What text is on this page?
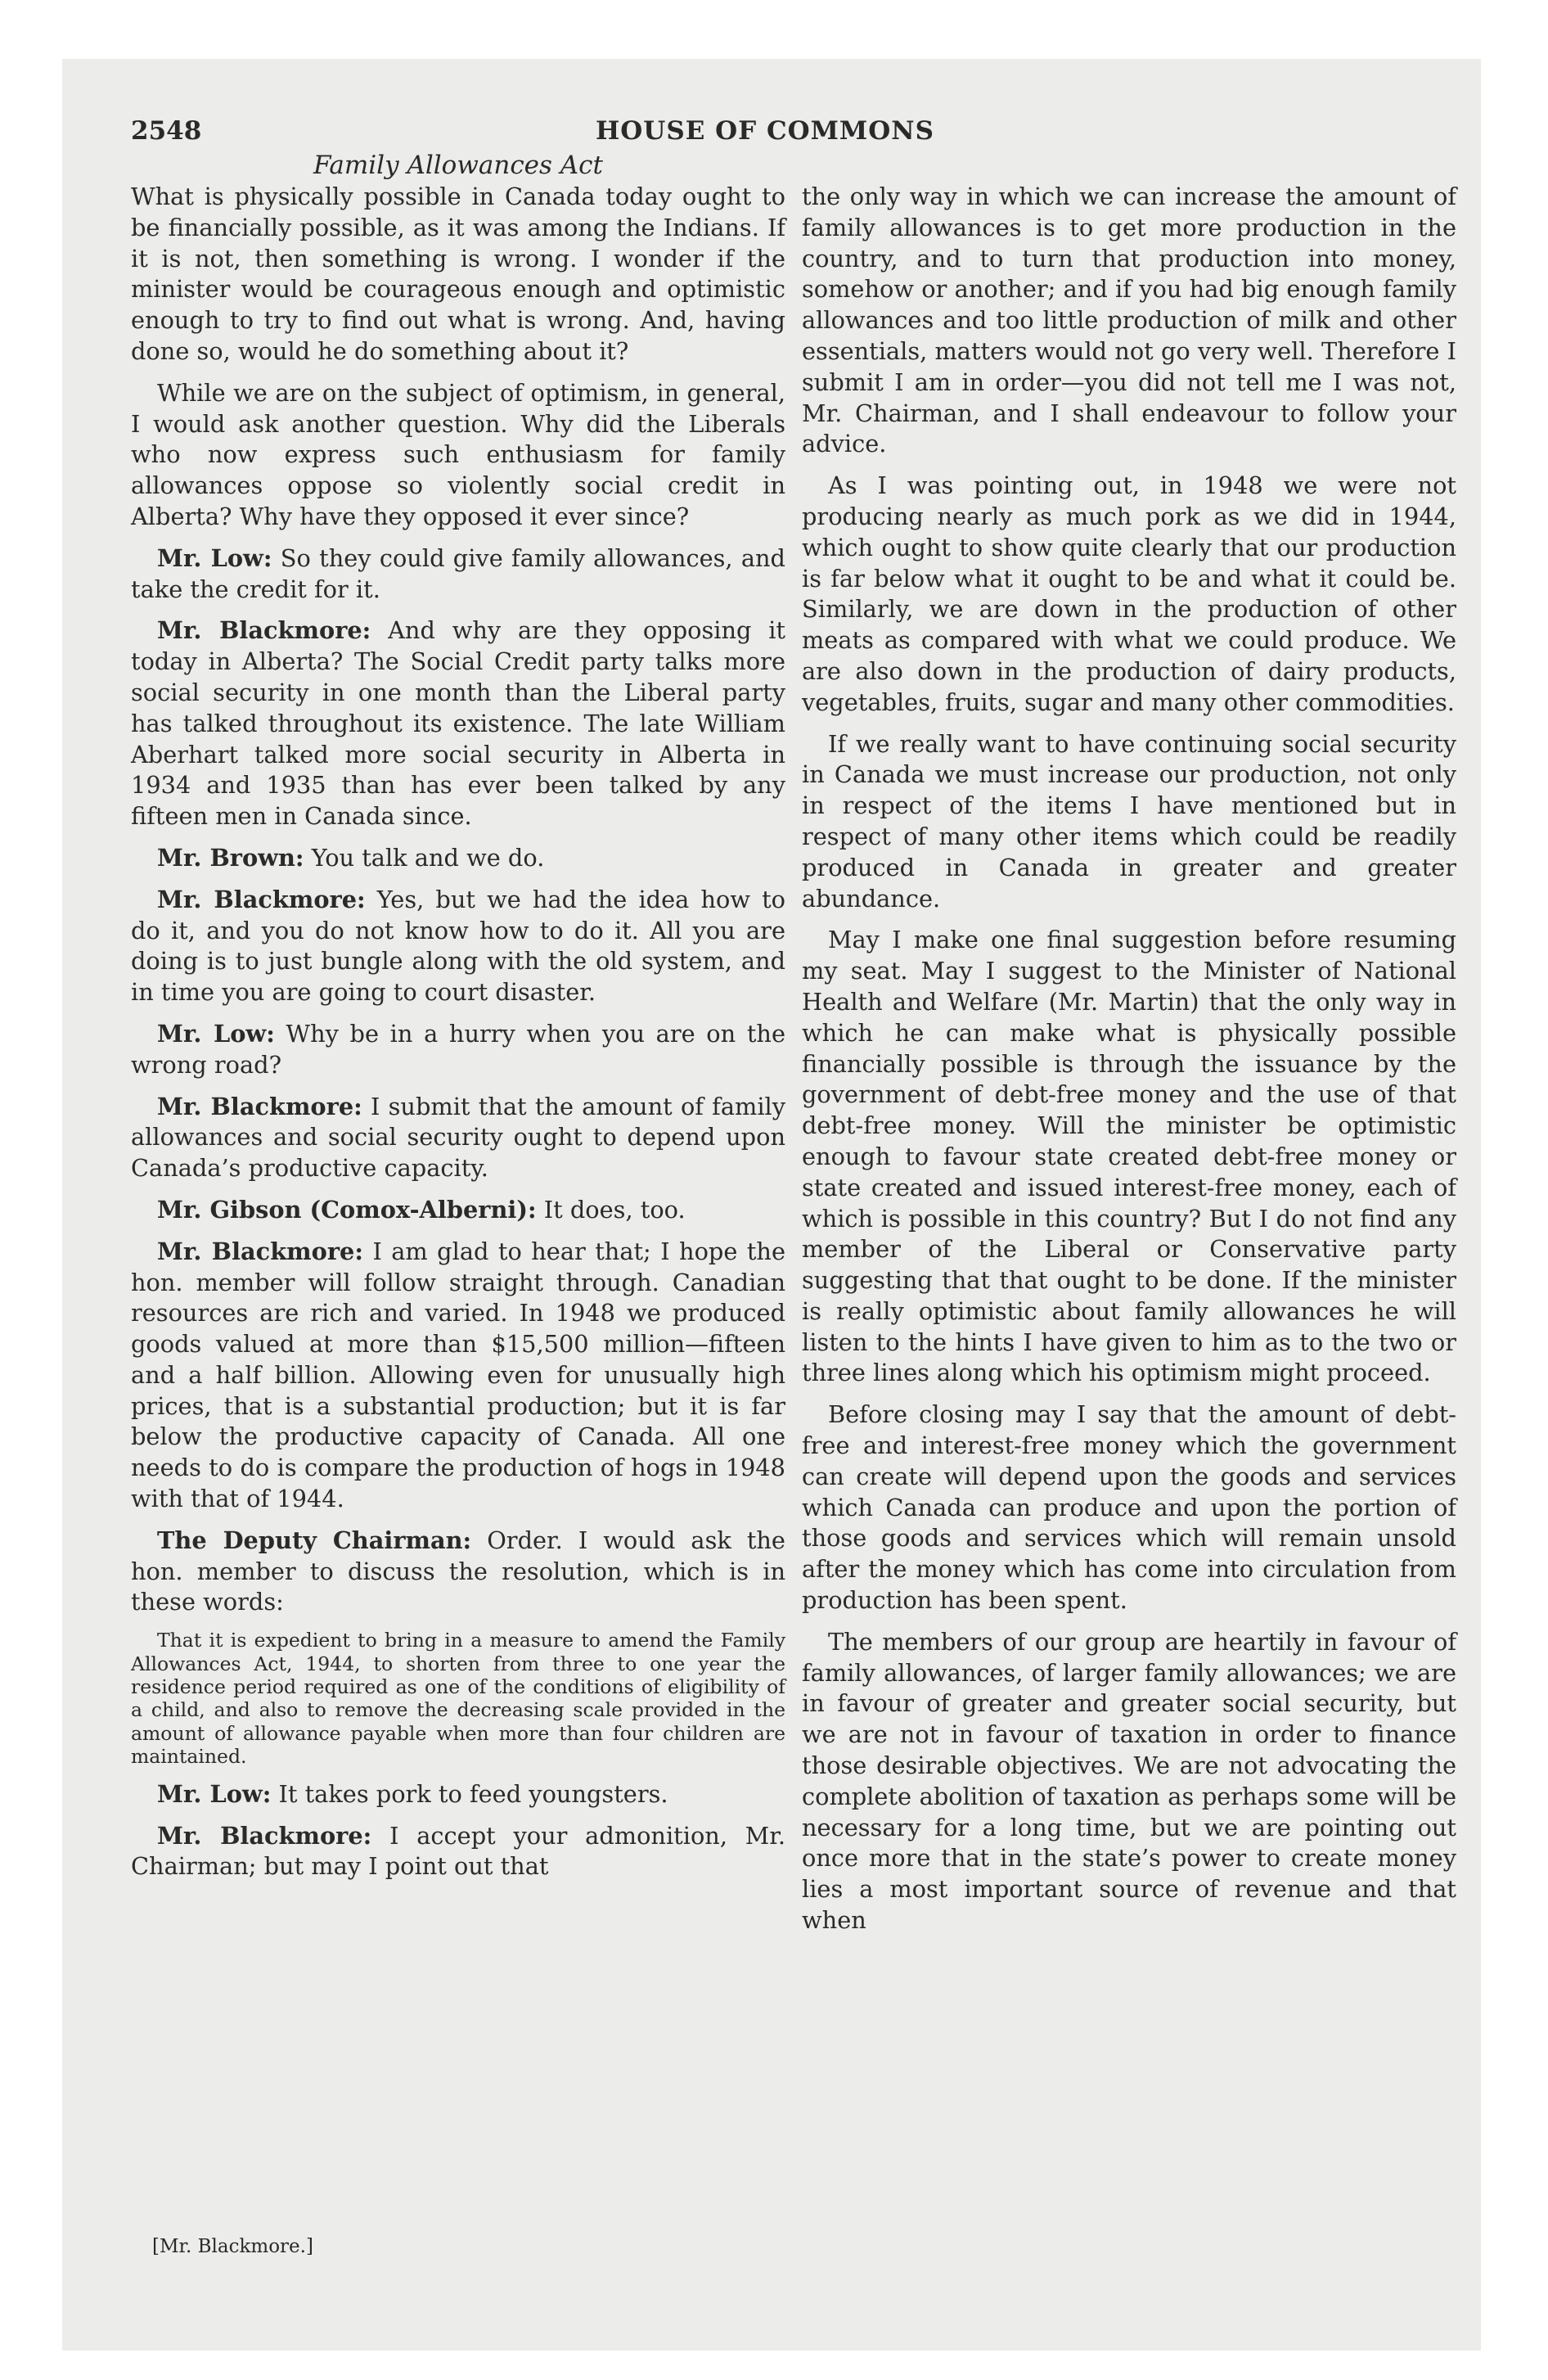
2548	HOUSE OF COMMONS
Family Allowances Act

What is physically possible in Canada today ought to be financially possible, as it was among the Indians. If it is not, then something is wrong. I wonder if the minister would be courageous enough and optimistic enough to try to find out what is wrong. And, having done so, would he do something about it?

While we are on the subject of optimism, in general, I would ask another question. Why did the Liberals who now express such enthusiasm for family allowances oppose so violently social credit in Alberta? Why have they opposed it ever since?

Mr. Low: So they could give family allowances, and take the credit for it.

Mr. Blackmore: And why are they opposing it today in Alberta? The Social Credit party talks more social security in one month than the Liberal party has talked throughout its existence. The late William Aberhart talked more social security in Alberta in 1934 and 1935 than has ever been talked by any fifteen men in Canada since.

Mr. Brown: You talk and we do.

Mr. Blackmore: Yes, but we had the idea how to do it, and you do not know how to do it. All you are doing is to just bungle along with the old system, and in time you are going to court disaster.

Mr. Low: Why be in a hurry when you are on the wrong road?

Mr. Blackmore: I submit that the amount of family allowances and social security ought to depend upon Canada’s productive capacity.

Mr. Gibson (Comox-Alberni): It does, too.

Mr. Blackmore: I am glad to hear that; I hope the hon. member will follow straight through. Canadian resources are rich and varied. In 1948 we produced goods valued at more than $15,500 million—fifteen and a half billion. Allowing even for unusually high prices, that is a substantial production; but it is far below the productive capacity of Canada. All one needs to do is compare the production of hogs in 1948 with that of 1944.

The Deputy Chairman: Order. I would ask the hon. member to discuss the resolution, which is in these words:

That it is expedient to bring in a measure to amend the Family Allowances Act, 1944, to shorten from three to one year the residence period required as one of the conditions of eligibility of a child, and also to remove the decreasing scale provided in the amount of allowance payable when more than four children are maintained.

Mr. Low: It takes pork to feed youngsters.

Mr. Blackmore: I accept your admonition, Mr. Chairman; but may I point out that

[Mr. Blackmore.]

the only way in which we can increase the amount of family allowances is to get more production in the country, and to turn that production into money, somehow or another; and if you had big enough family allowances and too little production of milk and other essentials, matters would not go very well. Therefore I submit I am in order—you did not tell me I was not, Mr. Chairman, and I shall endeavour to follow your advice.

As I was pointing out, in 1948 we were not producing nearly as much pork as we did in 1944, which ought to show quite clearly that our production is far below what it ought to be and what it could be. Similarly, we are down in the production of other meats as compared with what we could produce. We are also down in the production of dairy products, vegetables, fruits, sugar and many other commodities.

If we really want to have continuing social security in Canada we must increase our production, not only in respect of the items I have mentioned but in respect of many other items which could be readily produced in Canada in greater and greater abundance.

May I make one final suggestion before resuming my seat. May I suggest to the Minister of National Health and Welfare (Mr. Martin) that the only way in which he can make what is physically possible financially possible is through the issuance by the government of debt-free money and the use of that debt-free money. Will the minister be optimistic enough to favour state created debt-free money or state created and issued interest-free money, each of which is possible in this country? But I do not find any member of the Liberal or Conservative party suggesting that that ought to be done. If the minister is really optimistic about family allowances he will listen to the hints I have given to him as to the two or three lines along which his optimism might proceed.

Before closing may I say that the amount of debt-free and interest-free money which the government can create will depend upon the goods and services which Canada can produce and upon the portion of those goods and services which will remain unsold after the money which has come into circulation from production has been spent.

The members of our group are heartily in favour of family allowances, of larger family allowances; we are in favour of greater and greater social security, but we are not in favour of taxation in order to finance those desirable objectives. We are not advocating the complete abolition of taxation as perhaps some will be necessary for a long time, but we are pointing out once more that in the state’s power to create money lies a most important source of revenue and that when
